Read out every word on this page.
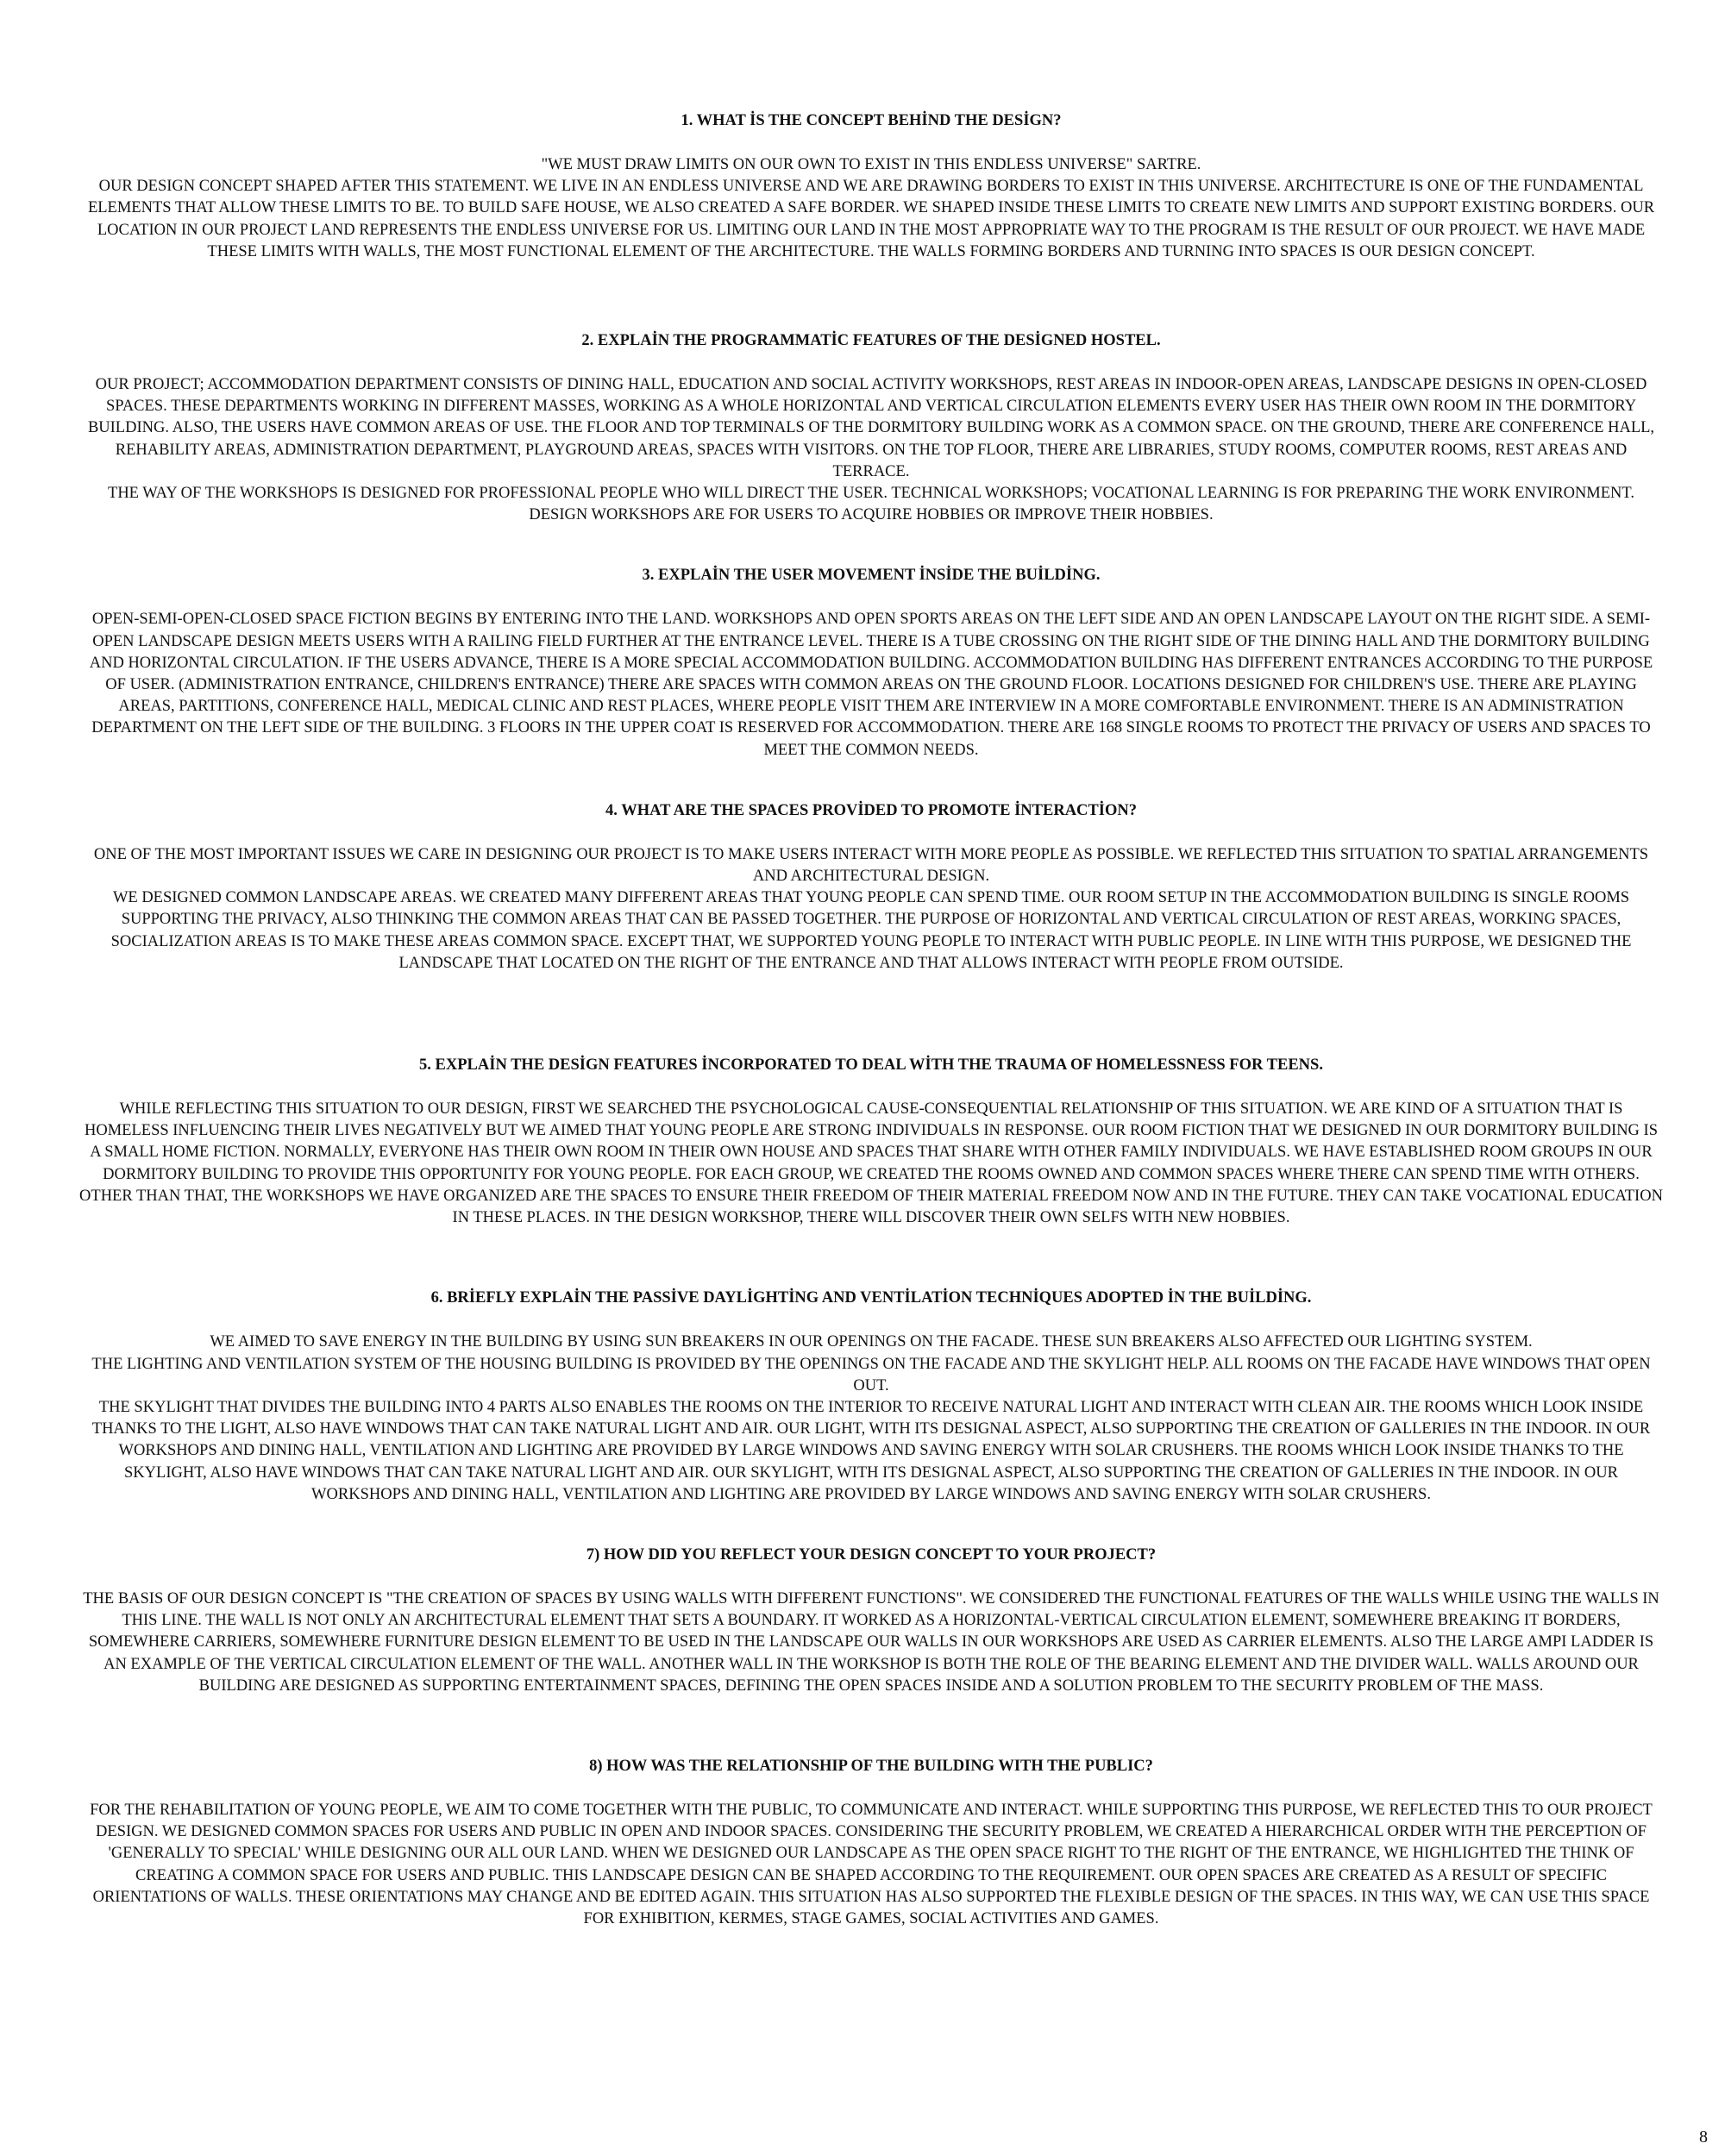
1. WHAT İS THE CONCEPT BEHİND THE DESİGN?

"WE MUST DRAW LIMITS ON OUR OWN TO EXIST IN THIS ENDLESS UNIVERSE" SARTRE.

OUR DESIGN CONCEPT SHAPED AFTER THIS STATEMENT. WE LIVE IN AN ENDLESS UNIVERSE AND WE ARE DRAWING BORDERS TO EXIST IN THIS UNIVERSE. ARCHITECTURE IS ONE OF THE FUNDAMENTAL ELEMENTS THAT ALLOW THESE LIMITS TO BE. TO BUILD SAFE HOUSE, WE ALSO CREATED A SAFE BORDER. WE SHAPED INSIDE THESE LIMITS TO CREATE NEW LIMITS AND SUPPORT EXISTING BORDERS. OUR LOCATION IN OUR PROJECT LAND REPRESENTS THE ENDLESS UNIVERSE FOR US. LIMITING OUR LAND IN THE MOST APPROPRIATE WAY TO THE PROGRAM IS THE RESULT OF OUR PROJECT. WE HAVE MADE THESE LIMITS WITH WALLS, THE MOST FUNCTIONAL ELEMENT OF THE ARCHITECTURE. THE WALLS FORMING BORDERS AND TURNING INTO SPACES IS OUR DESIGN CONCEPT.

2. EXPLAİN THE PROGRAMMATİC FEATURES OF THE DESİGNED HOSTEL.

OUR PROJECT; ACCOMMODATION DEPARTMENT CONSISTS OF DINING HALL, EDUCATION AND SOCIAL ACTIVITY WORKSHOPS, REST AREAS IN INDOOR-OPEN AREAS, LANDSCAPE DESIGNS IN OPEN-CLOSED SPACES. THESE DEPARTMENTS WORKING IN DIFFERENT MASSES, WORKING AS A WHOLE HORIZONTAL AND VERTICAL CIRCULATION ELEMENTS EVERY USER HAS THEIR OWN ROOM IN THE DORMITORY BUILDING. ALSO, THE USERS HAVE COMMON AREAS OF USE. THE FLOOR AND TOP TERMINALS OF THE DORMITORY BUILDING WORK AS A COMMON SPACE. ON THE GROUND, THERE ARE CONFERENCE HALL, REHABILITY AREAS, ADMINISTRATION DEPARTMENT, PLAYGROUND AREAS, SPACES WITH VISITORS. ON THE TOP FLOOR, THERE ARE LIBRARIES, STUDY ROOMS, COMPUTER ROOMS, REST AREAS AND TERRACE.

THE WAY OF THE WORKSHOPS IS DESIGNED FOR PROFESSIONAL PEOPLE WHO WILL DIRECT THE USER. TECHNICAL WORKSHOPS; VOCATIONAL LEARNING IS FOR PREPARING THE WORK ENVIRONMENT. DESIGN WORKSHOPS ARE FOR USERS TO ACQUIRE HOBBIES OR IMPROVE THEIR HOBBIES.

3. EXPLAİN THE USER MOVEMENT İNSİDE THE BUİLDİNG.

OPEN-SEMI-OPEN-CLOSED SPACE FICTION BEGINS BY ENTERING INTO THE LAND. WORKSHOPS AND OPEN SPORTS AREAS ON THE LEFT SIDE AND AN OPEN LANDSCAPE LAYOUT ON THE RIGHT SIDE. A SEMI-OPEN LANDSCAPE DESIGN MEETS USERS WITH A RAILING FIELD FURTHER AT THE ENTRANCE LEVEL. THERE IS A TUBE CROSSING ON THE RIGHT SIDE OF THE DINING HALL AND THE DORMITORY BUILDING AND HORIZONTAL CIRCULATION. IF THE USERS ADVANCE, THERE IS A MORE SPECIAL ACCOMMODATION BUILDING. ACCOMMODATION BUILDING HAS DIFFERENT ENTRANCES ACCORDING TO THE PURPOSE OF USER. (ADMINISTRATION ENTRANCE, CHILDREN'S ENTRANCE) THERE ARE SPACES WITH COMMON AREAS ON THE GROUND FLOOR. LOCATIONS DESIGNED FOR CHILDREN'S USE. THERE ARE PLAYING AREAS, PARTITIONS, CONFERENCE HALL, MEDICAL CLINIC AND REST PLACES, WHERE PEOPLE VISIT THEM ARE INTERVIEW IN A MORE COMFORTABLE ENVIRONMENT. THERE IS AN ADMINISTRATION DEPARTMENT ON THE LEFT SIDE OF THE BUILDING. 3 FLOORS IN THE UPPER COAT IS RESERVED FOR ACCOMMODATION. THERE ARE 168 SINGLE ROOMS TO PROTECT THE PRIVACY OF USERS AND SPACES TO MEET THE COMMON NEEDS.

4. WHAT ARE THE SPACES PROVİDED TO PROMOTE İNTERACTİON?

ONE OF THE MOST IMPORTANT ISSUES WE CARE IN DESIGNING OUR PROJECT IS TO MAKE USERS INTERACT WITH MORE PEOPLE AS POSSIBLE. WE REFLECTED THIS SITUATION TO SPATIAL ARRANGEMENTS AND ARCHITECTURAL DESIGN.

WE DESIGNED COMMON LANDSCAPE AREAS. WE CREATED MANY DIFFERENT AREAS THAT YOUNG PEOPLE CAN SPEND TIME. OUR ROOM SETUP IN THE ACCOMMODATION BUILDING IS SINGLE ROOMS SUPPORTING THE PRIVACY, ALSO THINKING THE COMMON AREAS THAT CAN BE PASSED TOGETHER. THE PURPOSE OF HORIZONTAL AND VERTICAL CIRCULATION OF REST AREAS, WORKING SPACES, SOCIALIZATION AREAS IS TO MAKE THESE AREAS COMMON SPACE. EXCEPT THAT, WE SUPPORTED YOUNG PEOPLE TO INTERACT WITH PUBLIC PEOPLE. IN LINE WITH THIS PURPOSE, WE DESIGNED THE LANDSCAPE THAT LOCATED ON THE RIGHT OF THE ENTRANCE AND THAT ALLOWS INTERACT WITH PEOPLE FROM OUTSIDE.

5. EXPLAİN THE DESİGN FEATURES İNCORPORATED TO DEAL WİTH THE TRAUMA OF HOMELESSNESS FOR TEENS.

WHILE REFLECTING THIS SITUATION TO OUR DESIGN, FIRST WE SEARCHED THE PSYCHOLOGICAL CAUSE-CONSEQUENTIAL RELATIONSHIP OF THIS SITUATION. WE ARE KIND OF A SITUATION THAT IS HOMELESS INFLUENCING THEIR LIVES NEGATIVELY BUT WE AIMED THAT YOUNG PEOPLE ARE STRONG INDIVIDUALS IN RESPONSE. OUR ROOM FICTION THAT WE DESIGNED IN OUR DORMITORY BUILDING IS A SMALL HOME FICTION. NORMALLY, EVERYONE HAS THEIR OWN ROOM IN THEIR OWN HOUSE AND SPACES THAT SHARE WITH OTHER FAMILY INDIVIDUALS. WE HAVE ESTABLISHED ROOM GROUPS IN OUR DORMITORY BUILDING TO PROVIDE THIS OPPORTUNITY FOR YOUNG PEOPLE. FOR EACH GROUP, WE CREATED THE ROOMS OWNED AND COMMON SPACES WHERE THERE CAN SPEND TIME WITH OTHERS. OTHER THAN THAT, THE WORKSHOPS WE HAVE ORGANIZED ARE THE SPACES TO ENSURE THEIR FREEDOM OF THEIR MATERIAL FREEDOM NOW AND IN THE FUTURE. THEY CAN TAKE VOCATIONAL EDUCATION IN THESE PLACES. IN THE DESIGN WORKSHOP, THERE WILL DISCOVER THEIR OWN SELFS WITH NEW HOBBIES.

6. BRİEFLY EXPLAİN THE PASSİVE DAYLİGHTİNG AND VENTİLATİON TECHNİQUES ADOPTED İN THE BUİLDİNG.

WE AIMED TO SAVE ENERGY IN THE BUILDING BY USING SUN BREAKERS IN OUR OPENINGS ON THE FACADE. THESE SUN BREAKERS ALSO AFFECTED OUR LIGHTING SYSTEM.

THE LIGHTING AND VENTILATION SYSTEM OF THE HOUSING BUILDING IS PROVIDED BY THE OPENINGS ON THE FACADE AND THE SKYLIGHT HELP. ALL ROOMS ON THE FACADE HAVE WINDOWS THAT OPEN OUT.

THE SKYLIGHT THAT DIVIDES THE BUILDING INTO 4 PARTS ALSO ENABLES THE ROOMS ON THE INTERIOR TO RECEIVE NATURAL LIGHT AND INTERACT WITH CLEAN AIR. THE ROOMS WHICH LOOK INSIDE THANKS TO THE LIGHT, ALSO HAVE WINDOWS THAT CAN TAKE NATURAL LIGHT AND AIR. OUR LIGHT, WITH ITS DESIGNAL ASPECT, ALSO SUPPORTING THE CREATION OF GALLERIES IN THE INDOOR. IN OUR WORKSHOPS AND DINING HALL, VENTILATION AND LIGHTING ARE PROVIDED BY LARGE WINDOWS AND SAVING ENERGY WITH SOLAR CRUSHERS. THE ROOMS WHICH LOOK INSIDE THANKS TO THE SKYLIGHT, ALSO HAVE WINDOWS THAT CAN TAKE NATURAL LIGHT AND AIR. OUR SKYLIGHT, WITH ITS DESIGNAL ASPECT, ALSO SUPPORTING THE CREATION OF GALLERIES IN THE INDOOR. IN OUR WORKSHOPS AND DINING HALL, VENTILATION AND LIGHTING ARE PROVIDED BY LARGE WINDOWS AND SAVING ENERGY WITH SOLAR CRUSHERS.

7) HOW DID YOU REFLECT YOUR DESIGN CONCEPT TO YOUR PROJECT?

THE BASIS OF OUR DESIGN CONCEPT IS "THE CREATION OF SPACES BY USING WALLS WITH DIFFERENT FUNCTIONS". WE CONSIDERED THE FUNCTIONAL FEATURES OF THE WALLS WHILE USING THE WALLS IN THIS LINE. THE WALL IS NOT ONLY AN ARCHITECTURAL ELEMENT THAT SETS A BOUNDARY. IT WORKED AS A HORIZONTAL-VERTICAL CIRCULATION ELEMENT, SOMEWHERE BREAKING IT BORDERS, SOMEWHERE CARRIERS, SOMEWHERE FURNITURE DESIGN ELEMENT TO BE USED IN THE LANDSCAPE OUR WALLS IN OUR WORKSHOPS ARE USED AS CARRIER ELEMENTS. ALSO THE LARGE AMPI LADDER IS AN EXAMPLE OF THE VERTICAL CIRCULATION ELEMENT OF THE WALL. ANOTHER WALL IN THE WORKSHOP IS BOTH THE ROLE OF THE BEARING ELEMENT AND THE DIVIDER WALL. WALLS AROUND OUR BUILDING ARE DESIGNED AS SUPPORTING ENTERTAINMENT SPACES, DEFINING THE OPEN SPACES INSIDE AND A SOLUTION PROBLEM TO THE SECURITY PROBLEM OF THE MASS.

8) HOW WAS THE RELATIONSHIP OF THE BUILDING WITH THE PUBLIC?

FOR THE REHABILITATION OF YOUNG PEOPLE, WE AIM TO COME TOGETHER WITH THE PUBLIC, TO COMMUNICATE AND INTERACT. WHILE SUPPORTING THIS PURPOSE, WE REFLECTED THIS TO OUR PROJECT DESIGN. WE DESIGNED COMMON SPACES FOR USERS AND PUBLIC IN OPEN AND INDOOR SPACES. CONSIDERING THE SECURITY PROBLEM, WE CREATED A HIERARCHICAL ORDER WITH THE PERCEPTION OF 'GENERALLY TO SPECIAL' WHILE DESIGNING OUR ALL OUR LAND. WHEN WE DESIGNED OUR LANDSCAPE AS THE OPEN SPACE RIGHT TO THE RIGHT OF THE ENTRANCE, WE HIGHLIGHTED THE THINK OF CREATING A COMMON SPACE FOR USERS AND PUBLIC. THIS LANDSCAPE DESIGN CAN BE SHAPED ACCORDING TO THE REQUIREMENT. OUR OPEN SPACES ARE CREATED AS A RESULT OF SPECIFIC ORIENTATIONS OF WALLS. THESE ORIENTATIONS MAY CHANGE AND BE EDITED AGAIN. THIS SITUATION HAS ALSO SUPPORTED THE FLEXIBLE DESIGN OF THE SPACES. IN THIS WAY, WE CAN USE THIS SPACE FOR EXHIBITION, KERMES, STAGE GAMES, SOCIAL ACTIVITIES AND GAMES.

8
